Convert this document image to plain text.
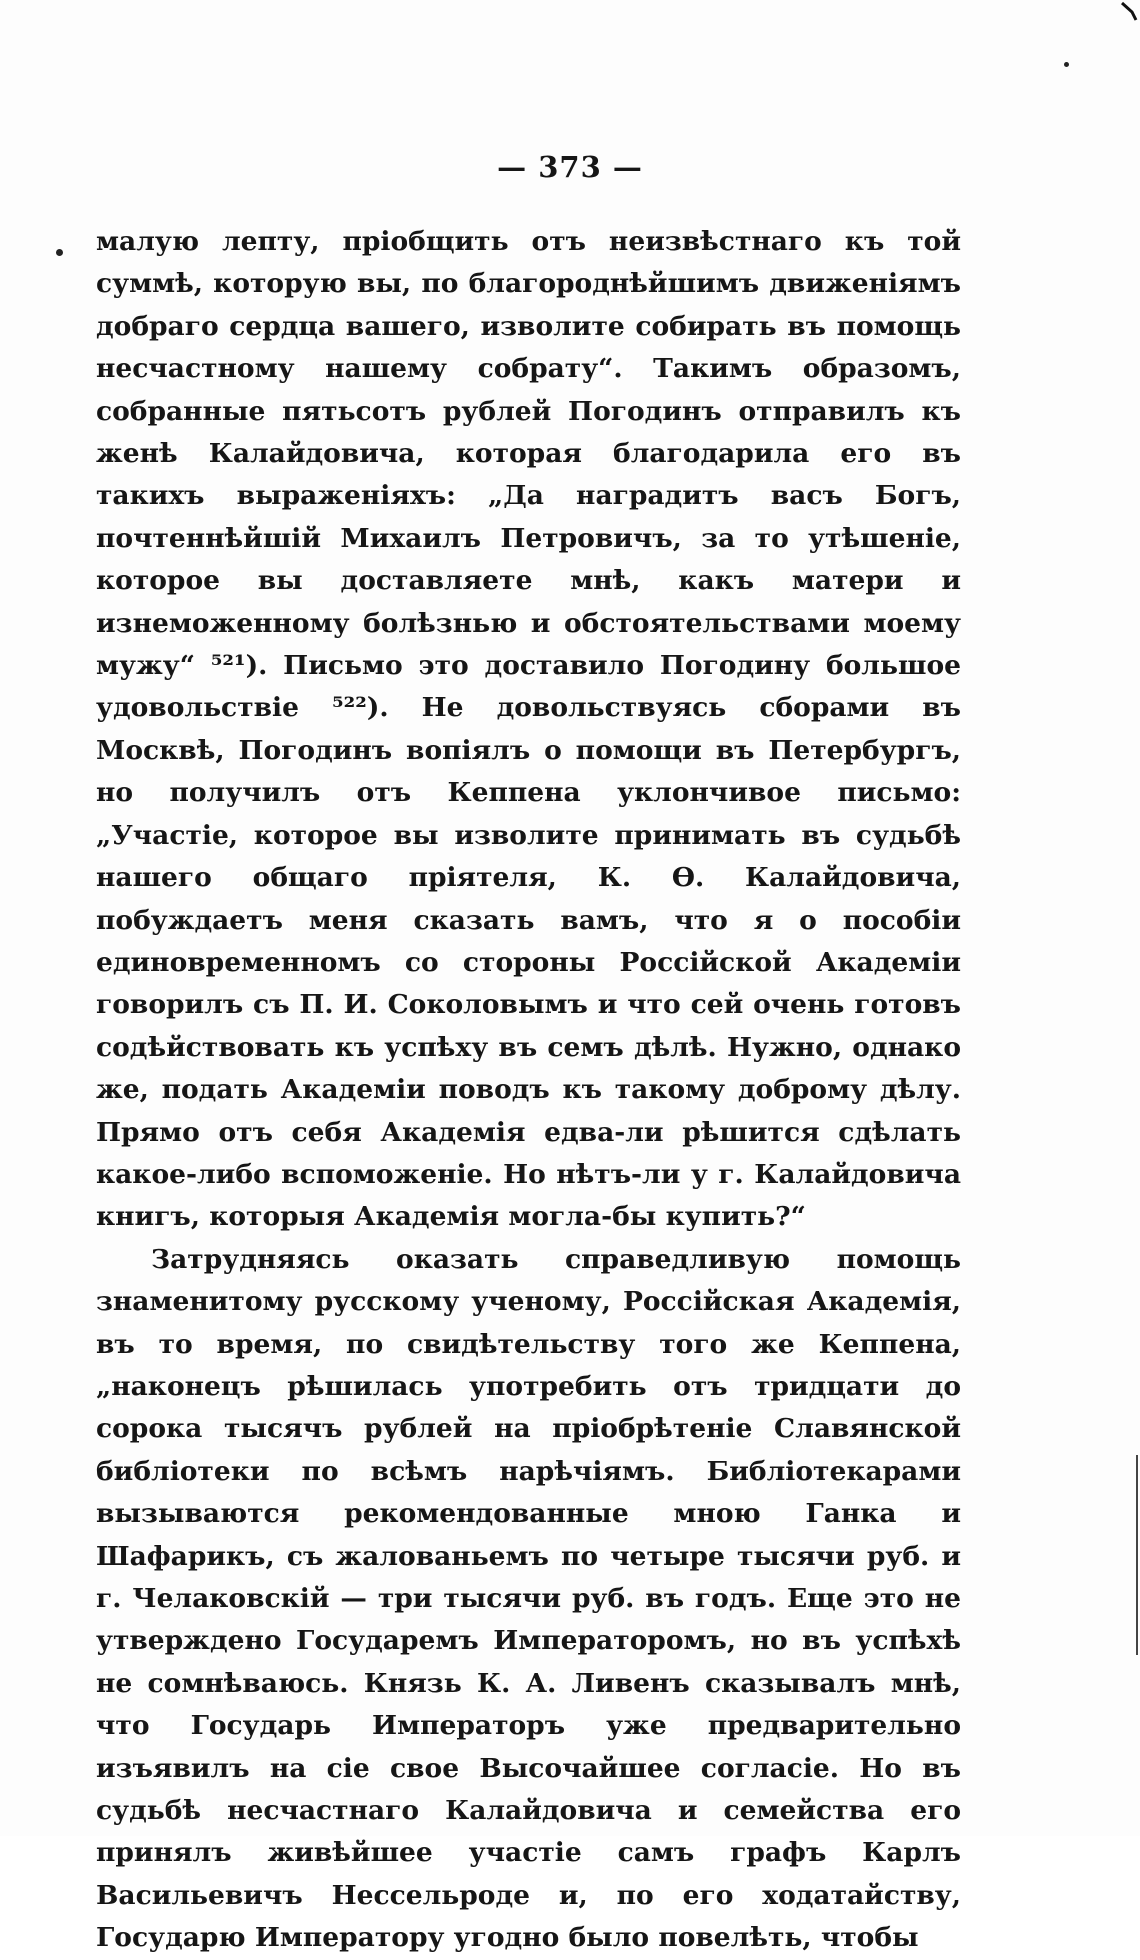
— 373 —

малую лепту, пріобщить отъ неизвѣстнаго къ той суммѣ, которую вы, по благороднѣйшимъ движеніямъ добраго сердца вашего, изволите собирать въ помощь несчастному нашему собрату“. Такимъ образомъ, собранные пятьсотъ рублей Погодинъ отправилъ къ женѣ Калайдовича, которая благодарила его въ такихъ выраженіяхъ: „Да наградитъ васъ Богъ, почтеннѣйшій Михаилъ Петровичъ, за то утѣшеніе, которое вы доставляете мнѣ, какъ матери и изнеможенному болѣзнью и обстоятельствами моему мужу“ ⁵²¹). Письмо это доставило Погодину большое удовольствіе ⁵²²). Не довольствуясь сборами въ Москвѣ, Погодинъ вопіялъ о помощи въ Петербургъ, но получилъ отъ Кеппена уклончивое письмо: „Участіе, которое вы изволите принимать въ судьбѣ нашего общаго пріятеля, К. Ѳ. Калайдовича, побуждаетъ меня сказать вамъ, что я о пособіи единовременномъ со стороны Россійской Академіи говорилъ съ П. И. Соколовымъ и что сей очень готовъ содѣйствовать къ успѣху въ семъ дѣлѣ. Нужно, однако же, подать Академіи поводъ къ такому доброму дѣлу. Прямо отъ себя Академія едва-ли рѣшится сдѣлать какое-либо вспоможеніе. Но нѣтъ-ли у г. Калайдовича книгъ, которыя Академія могла-бы купить?“

Затрудняясь оказать справедливую помощь знаменитому русскому ученому, Россійская Академія, въ то время, по свидѣтельству того же Кеппена, „наконецъ рѣшилась употребить отъ тридцати до сорока тысячъ рублей на пріобрѣтеніе Славянской библіотеки по всѣмъ нарѣчіямъ. Библіотекарами вызываются рекомендованные мною Ганка и Шафарикъ, съ жалованьемъ по четыре тысячи руб. и г. Челаковскій — три тысячи руб. въ годъ. Еще это не утверждено Государемъ Императоромъ, но въ успѣхѣ не сомнѣваюсь. Князь К. А. Ливенъ сказывалъ мнѣ, что Государь Императоръ уже предварительно изъявилъ на сіе свое Высочайшее согласіе. Но въ судьбѣ несчастнаго Калайдовича и семейства его принялъ живѣйшее участіе самъ графъ Карлъ Васильевичъ Нессельроде и, по его ходатайству, Государю Императору угодно было повелѣть, чтобы
